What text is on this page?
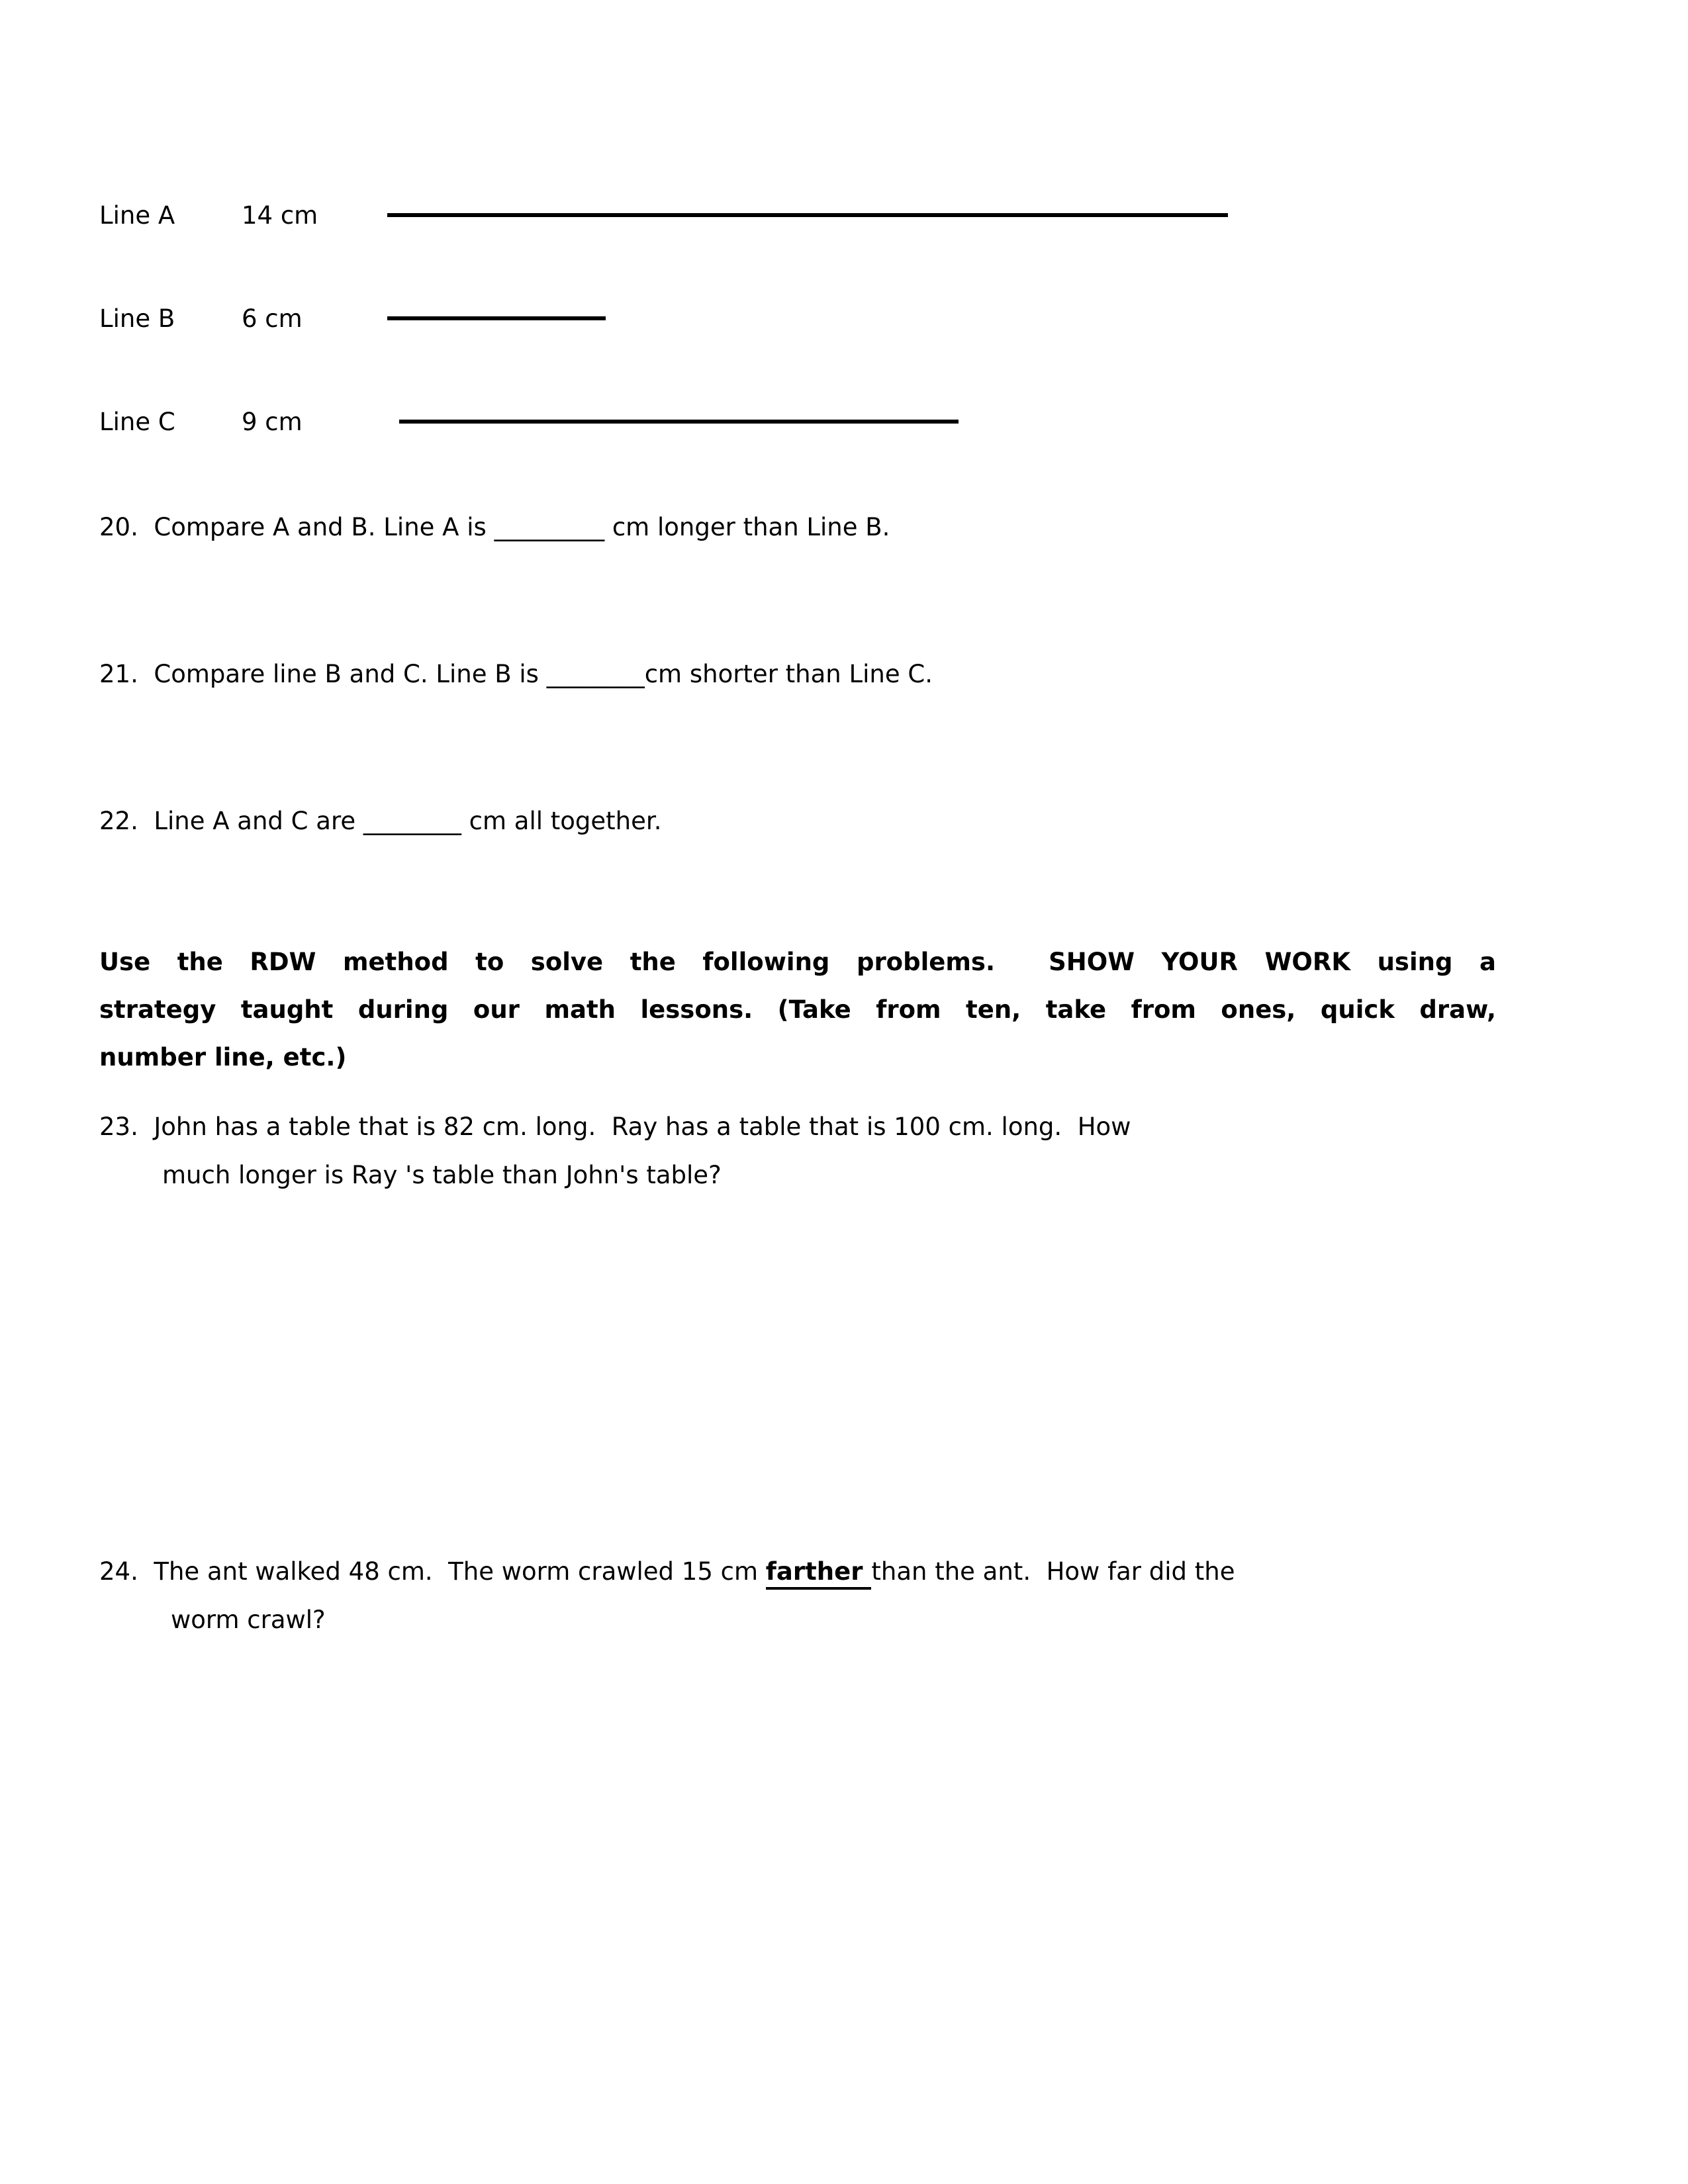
Line A	14 cm
Line B	6 cm
Line C	9 cm
20.  Compare A and B. Line A is _________ cm longer than Line B.
21.  Compare line B and C. Line B is ________cm shorter than Line C.
22.  Line A and C are ________ cm all together.
Use the RDW method to solve the following problems.  SHOW YOUR WORK using a
strategy taught during our math lessons. (Take from ten, take from ones, quick draw,
number line, etc.)
23.  John has a table that is 82 cm. long.  Ray has a table that is 100 cm. long.  How
much longer is Ray 's table than John's table?
24.  The ant walked 48 cm.  The worm crawled 15 cm farther than the ant.  How far did the
worm crawl?
